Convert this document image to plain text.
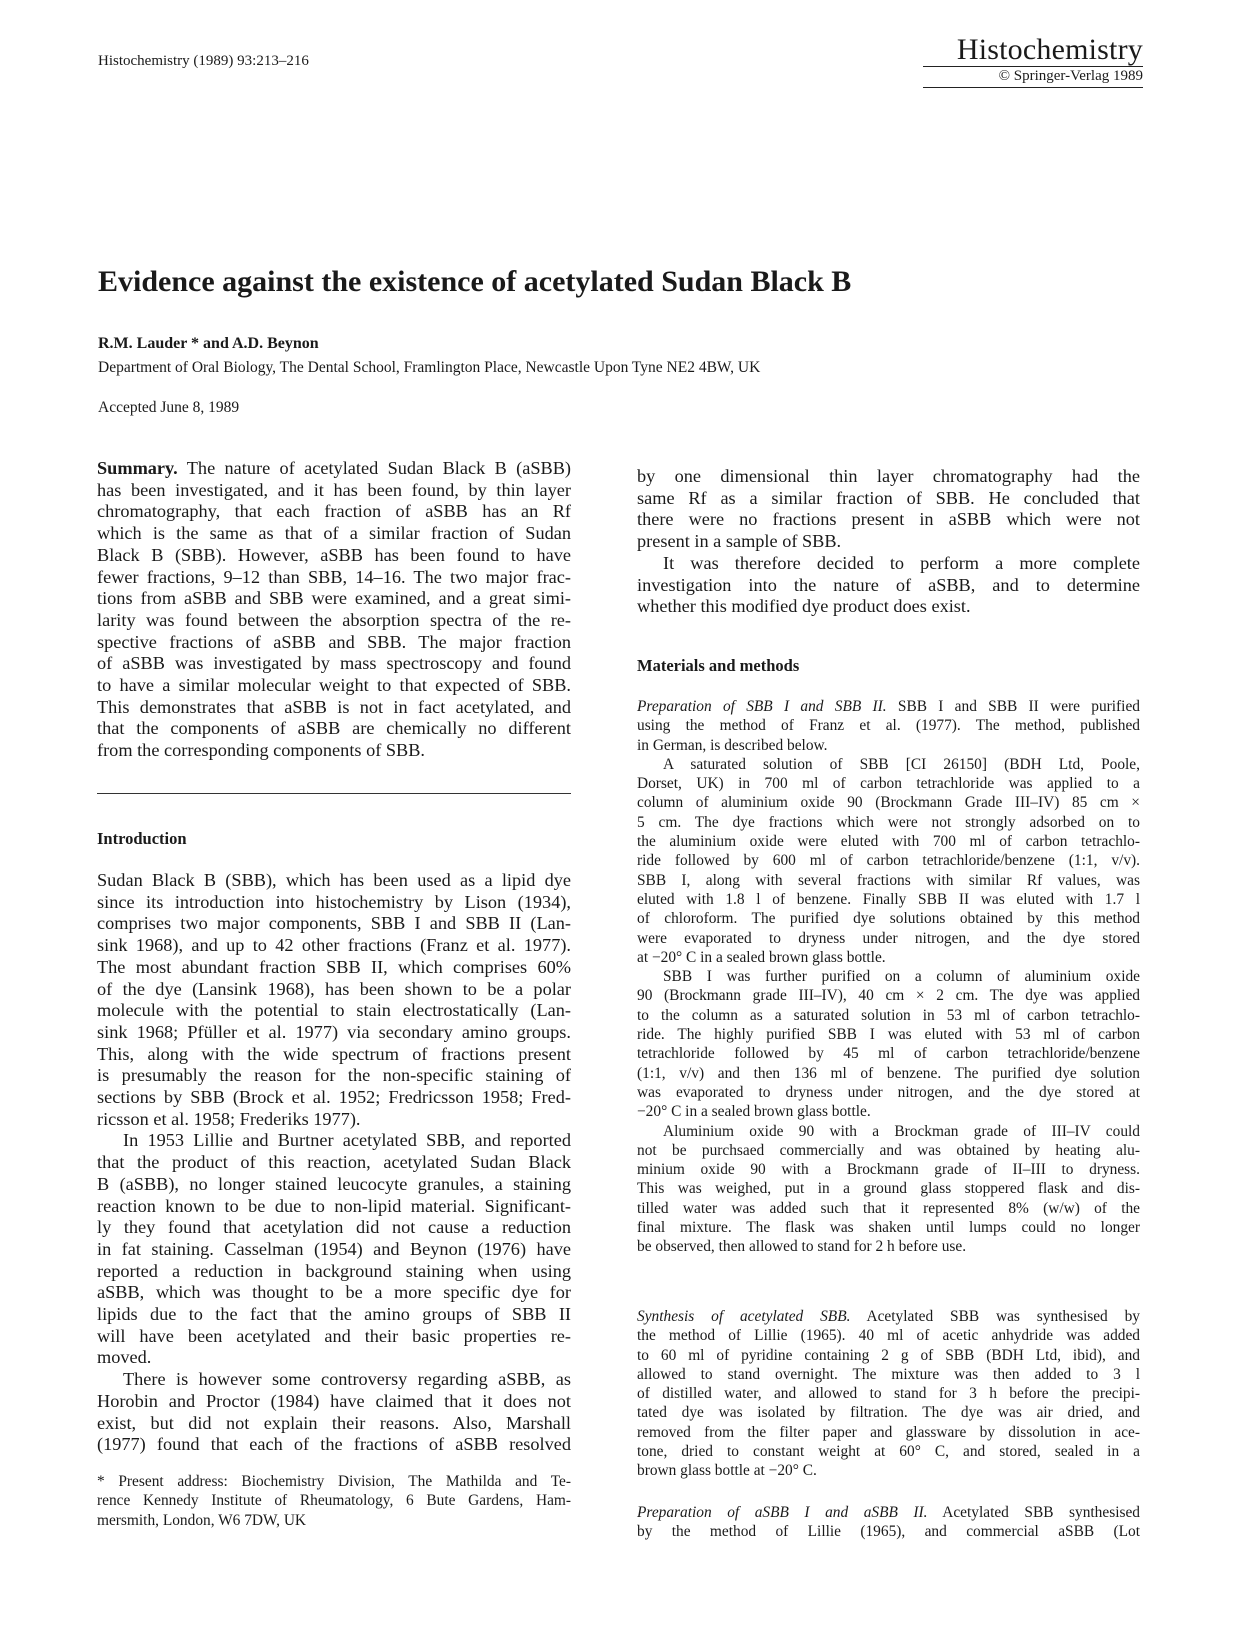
Histochemistry (1989) 93:213–216	Histochemistry
© Springer-Verlag 1989
Evidence against the existence of acetylated Sudan Black B
R.M. Lauder * and A.D. Beynon
Department of Oral Biology, The Dental School, Framlington Place, Newcastle Upon Tyne NE2 4BW, UK
Accepted June 8, 1989

Summary. The nature of acetylated Sudan Black B (aSBB)

has been investigated, and it has been found, by thin layer

chromatography, that each fraction of aSBB has an Rf

which is the same as that of a similar fraction of Sudan

Black B (SBB). However, aSBB has been found to have

fewer fractions, 9–12 than SBB, 14–16. The two major frac-

tions from aSBB and SBB were examined, and a great simi-

larity was found between the absorption spectra of the re-

spective fractions of aSBB and SBB. The major fraction

of aSBB was investigated by mass spectroscopy and found

to have a similar molecular weight to that expected of SBB.

This demonstrates that aSBB is not in fact acetylated, and

that the components of aSBB are chemically no different

from the corresponding components of SBB.

Introduction

Sudan Black B (SBB), which has been used as a lipid dye

since its introduction into histochemistry by Lison (1934),

comprises two major components, SBB I and SBB II (Lan-

sink 1968), and up to 42 other fractions (Franz et al. 1977).

The most abundant fraction SBB II, which comprises 60%

of the dye (Lansink 1968), has been shown to be a polar

molecule with the potential to stain electrostatically (Lan-

sink 1968; Pfüller et al. 1977) via secondary amino groups.

This, along with the wide spectrum of fractions present

is presumably the reason for the non-specific staining of

sections by SBB (Brock et al. 1952; Fredricsson 1958; Fred-

ricsson et al. 1958; Frederiks 1977).

In 1953 Lillie and Burtner acetylated SBB, and reported

that the product of this reaction, acetylated Sudan Black

B (aSBB), no longer stained leucocyte granules, a staining

reaction known to be due to non-lipid material. Significant-

ly they found that acetylation did not cause a reduction

in fat staining. Casselman (1954) and Beynon (1976) have

reported a reduction in background staining when using

aSBB, which was thought to be a more specific dye for

lipids due to the fact that the amino groups of SBB II

will have been acetylated and their basic properties re-

moved.

There is however some controversy regarding aSBB, as

Horobin and Proctor (1984) have claimed that it does not

exist, but did not explain their reasons. Also, Marshall

(1977) found that each of the fractions of aSBB resolved

* Present address: Biochemistry Division, The Mathilda and Te-

rence Kennedy Institute of Rheumatology, 6 Bute Gardens, Ham-

mersmith, London, W6 7DW, UK

by one dimensional thin layer chromatography had the

same Rf as a similar fraction of SBB. He concluded that

there were no fractions present in aSBB which were not

present in a sample of SBB.

It was therefore decided to perform a more complete

investigation into the nature of aSBB, and to determine

whether this modified dye product does exist.

Materials and methods

Preparation of SBB I and SBB II. SBB I and SBB II were purified

using the method of Franz et al. (1977). The method, published

in German, is described below.

A saturated solution of SBB [CI 26150] (BDH Ltd, Poole,

Dorset, UK) in 700 ml of carbon tetrachloride was applied to a

column of aluminium oxide 90 (Brockmann Grade III–IV) 85 cm ×

5 cm. The dye fractions which were not strongly adsorbed on to

the aluminium oxide were eluted with 700 ml of carbon tetrachlo-

ride followed by 600 ml of carbon tetrachloride/benzene (1:1, v/v).

SBB I, along with several fractions with similar Rf values, was

eluted with 1.8 l of benzene. Finally SBB II was eluted with 1.7 l

of chloroform. The purified dye solutions obtained by this method

were evaporated to dryness under nitrogen, and the dye stored

at −20° C in a sealed brown glass bottle.

SBB I was further purified on a column of aluminium oxide

90 (Brockmann grade III–IV), 40 cm × 2 cm. The dye was applied

to the column as a saturated solution in 53 ml of carbon tetrachlo-

ride. The highly purified SBB I was eluted with 53 ml of carbon

tetrachloride followed by 45 ml of carbon tetrachloride/benzene

(1:1, v/v) and then 136 ml of benzene. The purified dye solution

was evaporated to dryness under nitrogen, and the dye stored at

−20° C in a sealed brown glass bottle.

Aluminium oxide 90 with a Brockman grade of III–IV could

not be purchsaed commercially and was obtained by heating alu-

minium oxide 90 with a Brockmann grade of II–III to dryness.

This was weighed, put in a ground glass stoppered flask and dis-

tilled water was added such that it represented 8% (w/w) of the

final mixture. The flask was shaken until lumps could no longer

be observed, then allowed to stand for 2 h before use.

Synthesis of acetylated SBB. Acetylated SBB was synthesised by

the method of Lillie (1965). 40 ml of acetic anhydride was added

to 60 ml of pyridine containing 2 g of SBB (BDH Ltd, ibid), and

allowed to stand overnight. The mixture was then added to 3 l

of distilled water, and allowed to stand for 3 h before the precipi-

tated dye was isolated by filtration. The dye was air dried, and

removed from the filter paper and glassware by dissolution in ace-

tone, dried to constant weight at 60° C, and stored, sealed in a

brown glass bottle at −20° C.

Preparation of aSBB I and aSBB II. Acetylated SBB synthesised

by the method of Lillie (1965), and commercial aSBB (Lot
